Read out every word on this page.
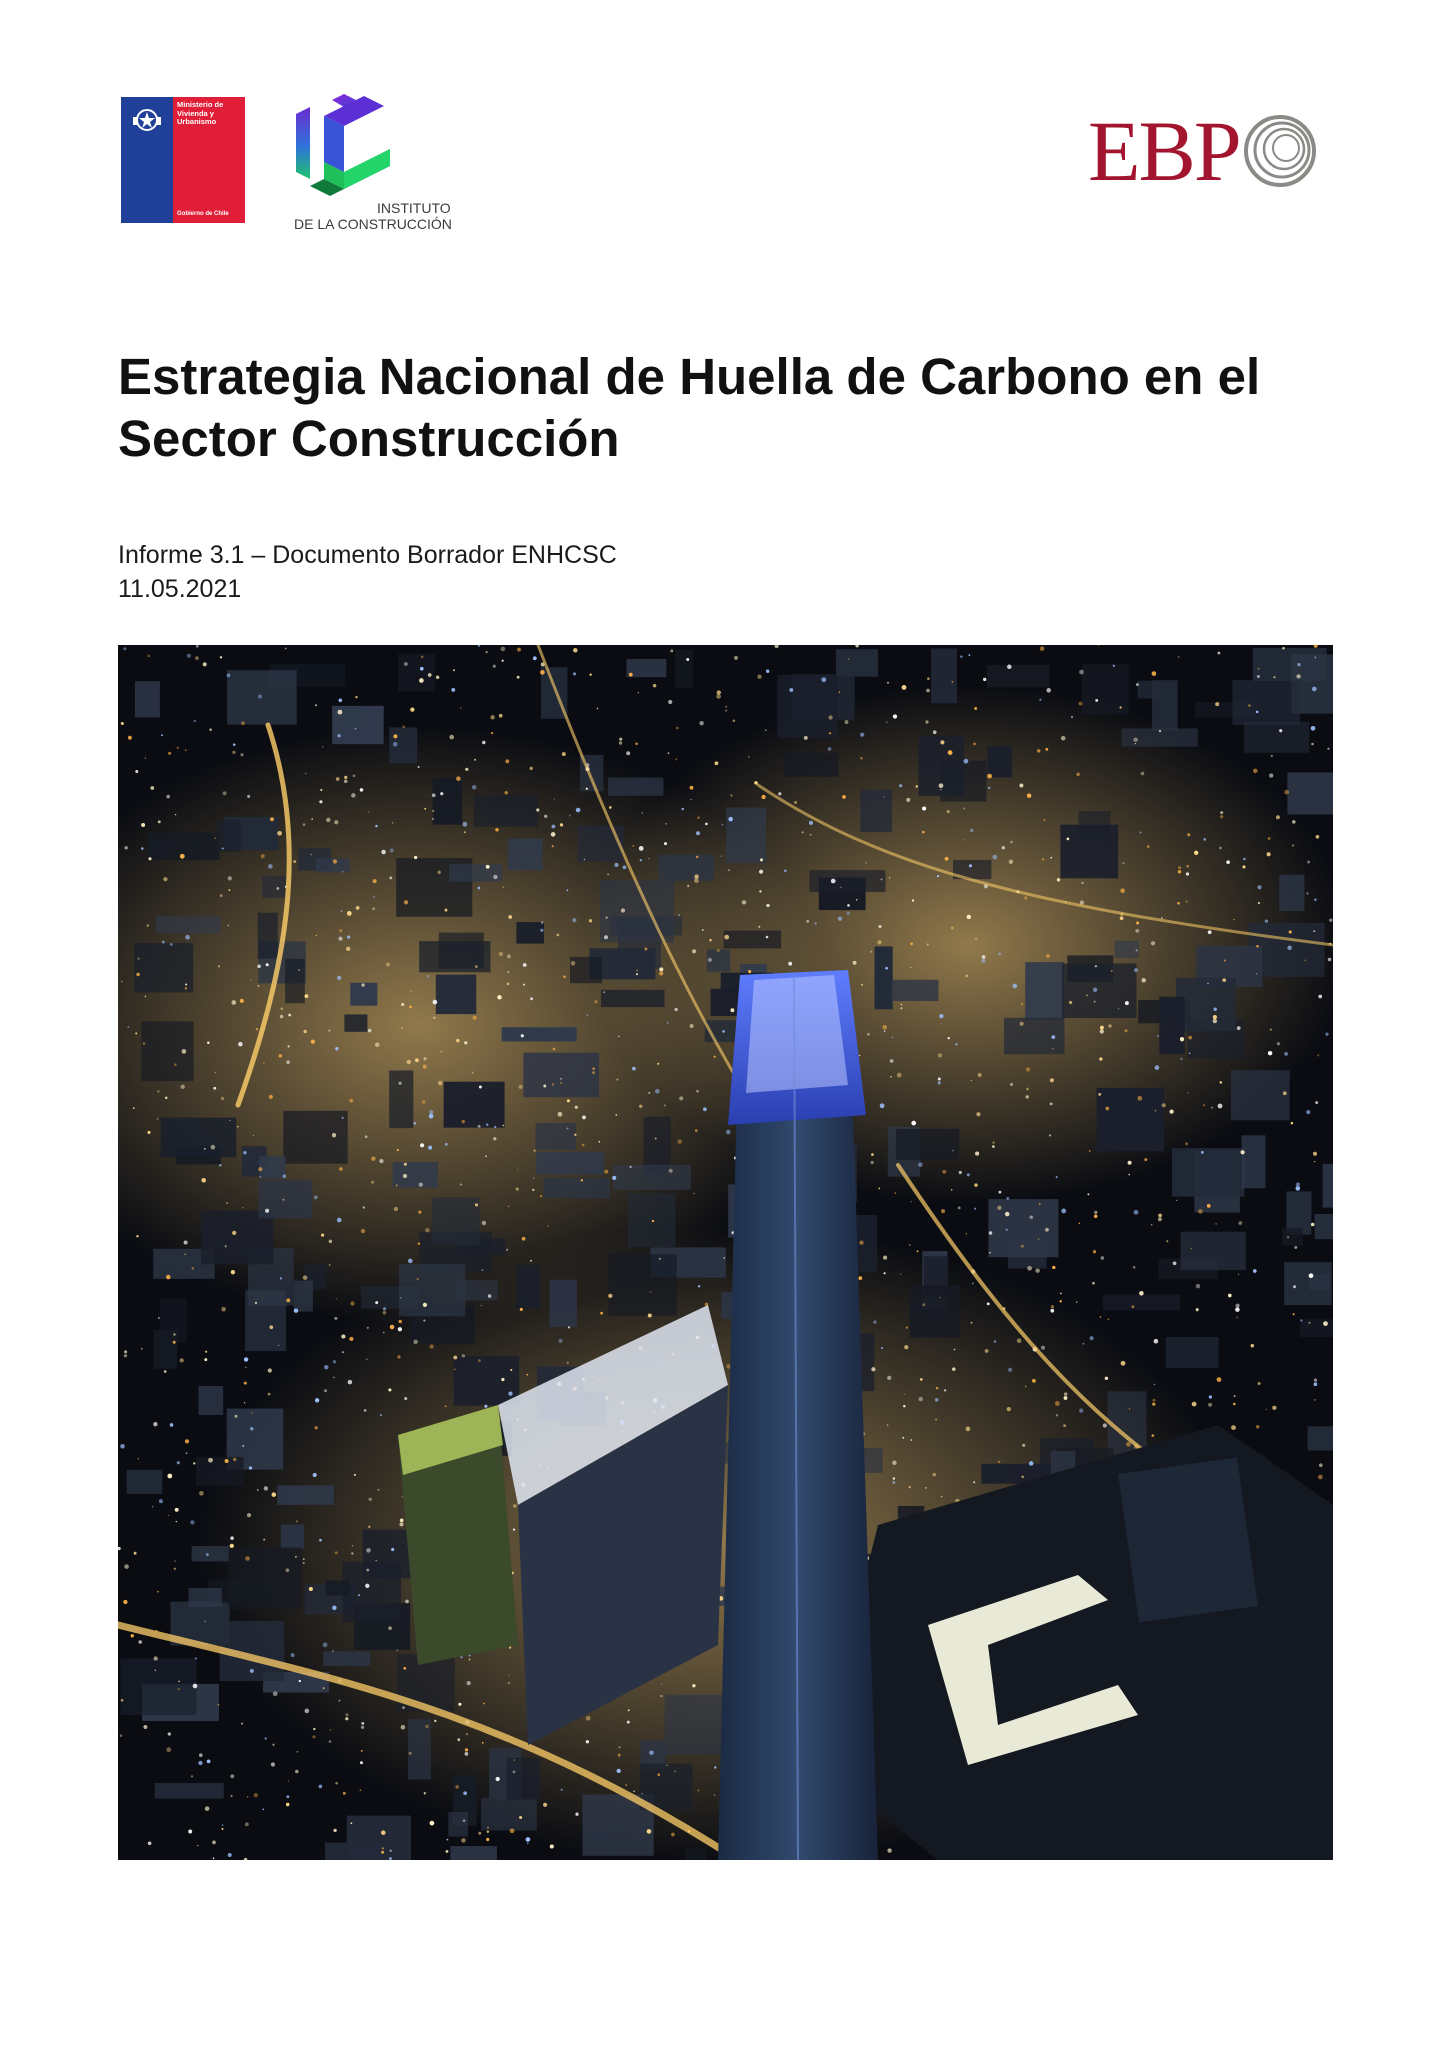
Ministerio de
Vivienda y
Urbanismo
Gobierno de Chile	INSTITUTO
DE LA CONSTRUCCIÓN
EBP
Estrategia Nacional de Huella de Carbono en el Sector Construcción
Informe 3.1 – Documento Borrador ENHCSC
11.05.2021
